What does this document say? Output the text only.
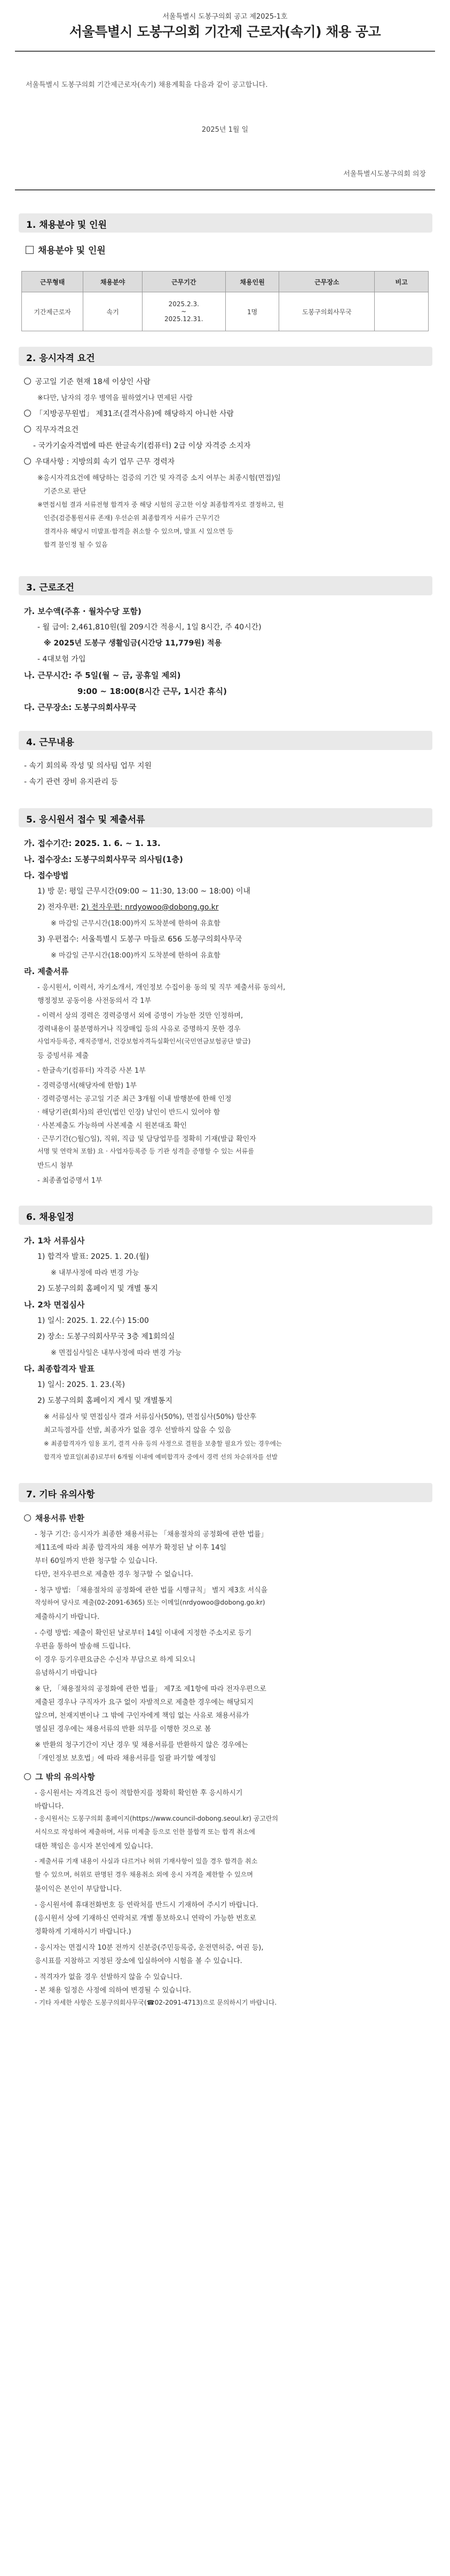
서울특별시 도봉구의회 공고 제2025-1호
서울특별시 도봉구의회 기간제 근로자(속기) 채용 공고
서울특별시 도봉구의회 기간제근로자(속기) 채용계획을 다음과 같이 공고합니다.
2025년 1월 일
서울특별시도봉구의회 의장
1. 채용분야 및 인원
채용분야 및 인원
근무형태	채용분야	근무기간	채용인원	근무장소	비고
기간제근로자	속기	2025.2.3.
~
2025.12.31.	1명	도봉구의회사무국	
2. 응시자격 요건
공고일 기준 현재 18세 이상인 사람
※다만, 남자의 경우 병역을 필하였거나 면제된 사람
「지방공무원법」 제31조(결격사유)에 해당하지 아니한 사람
직무자격요건
- 국가기술자격법에 따른 한글속기(컴퓨터) 2급 이상 자격증 소지자
우대사항 : 지방의회 속기 업무 근무 경력자
※응시자격요건에 해당하는 검증의 기간 및 자격증 소지 여부는 최종시험(면접)일
기준으로 판단
※면접시험 결과 서류전형 합격자 중 해당 시험의 공고한 이상 최종합격자로 결정하고, 원
인증(검증통원서류 존재) 우선순위 최종합격자 서류가 근무기간
결격사유 해당시 미발표·합격을 취소할 수 있으며, 발표 시 있으면 등
합격 불인정 될 수 있음
3. 근로조건
가. 보수액(주휴 · 월차수당 포함)
- 월 급여: 2,461,810원(월 209시간 적용시, 1일 8시간, 주 40시간)
※ 2025년 도봉구 생활임금(시간당 11,779원) 적용
- 4대보험 가입
나. 근무시간: 주 5일(월 ~ 금, 공휴일 제외)
9:00 ~ 18:00(8시간 근무, 1시간 휴식)
다. 근무장소: 도봉구의회사무국
4. 근무내용
- 속기 회의록 작성 및 의사팀 업무 지원
- 속기 관련 장비 유지관리 등
5. 응시원서 접수 및 제출서류
가. 접수기간: 2025. 1. 6. ~ 1. 13.
나. 접수장소: 도봉구의회사무국 의사팀(1층)
다. 접수방법
1) 방 문: 평일 근무시간(09:00 ~ 11:30, 13:00 ~ 18:00) 이내
2) 전자우편: 2) 전자우편: nrdyowoo@dobong.go.kr
※ 마감일 근무시간(18:00)까지 도착분에 한하여 유효함
3) 우편접수: 서울특별시 도봉구 마들로 656 도봉구의회사무국
※ 마감일 근무시간(18:00)까지 도착분에 한하여 유효함
라. 제출서류
- 응시원서, 이력서, 자기소개서, 개인정보 수집이용 동의 및 직무 제출서류 동의서,
행정정보 공동이용 사전동의서 각 1부
- 이력서 상의 경력은 경력증명서 외에 증명이 가능한 것만 인정하며,
경력내용이 불분명하거나 직장매입 등의 사유로 증명하지 못한 경우
사업자등록증, 재직증명서, 건강보험자격득실확인서(국민연금보험공단 발급)
등 증빙서류 제출
- 한글속기(컴퓨터) 자격증 사본 1부
- 경력증명서(해당자에 한함) 1부
· 경력증명서는 공고일 기준 최근 3개월 이내 발행분에 한해 인정
· 해당기관(회사)의 관인(법인 인장) 날인이 반드시 있어야 함
· 사본제출도 가능하며 사본제출 시 원본대조 확인
· 근무기간(○월○일), 직위, 직급 및 담당업무를 정확히 기재(발급 확인자
서명 및 연락처 포함) 요 · 사업자등록증 등 기관 성격을 증명할 수 있는 서류를
반드시 첨부
- 최종졸업증명서 1부
6. 채용일정
가. 1차 서류심사
1) 합격자 발표: 2025. 1. 20.(월)
※ 내부사정에 따라 변경 가능
2) 도봉구의회 홈페이지 및 개별 통지
나. 2차 면접심사
1) 일시: 2025. 1. 22.(수) 15:00
2) 장소: 도봉구의회사무국 3층 제1회의실
※ 면접심사일은 내부사정에 따라 변경 가능
다. 최종합격자 발표
1) 일시: 2025. 1. 23.(목)
2) 도봉구의회 홈페이지 게시 및 개별통지
※ 서류심사 및 면접심사 결과 서류심사(50%), 면접심사(50%) 합산후
최고득점자를 선발, 최종자가 없을 경우 선발하지 않을 수 있음
※ 최종합격자가 임용 포기, 결격 사유 등의 사정으로 결원을 보충할 필요가 있는 경우에는
합격자 발표일(최종)로부터 6개월 이내에 예비합격자 중에서 경력 선의 차순위자를 선발
7. 기타 유의사항
채용서류 반환
- 청구 기간: 응시자가 최종한 채용서류는 「채용절차의 공정화에 관한 법률」
제11조에 따라 최종 합격자의 채용 여부가 확정된 날 이후 14일
부터 60일까지 반환 청구할 수 있습니다.
다만, 전자우편으로 제출한 경우 청구할 수 없습니다.
- 청구 방법: 「채용절차의 공정화에 관한 법률 시행규칙」 별지 제3호 서식을
작성하여 당사로 제출(02-2091-6365) 또는 이메일(nrdyowoo@dobong.go.kr)
제출하시기 바랍니다.
- 수령 방법: 제출이 확인된 날로부터 14일 이내에 지정한 주소지로 등기
우편을 통하여 발송해 드립니다.
이 경우 등기우편요금은 수신자 부담으로 하게 되오니
유념하시기 바랍니다
※ 단, 「채용절차의 공정화에 관한 법률」 제7조 제1항에 따라 전자우편으로
제출된 경우나 구직자가 요구 없이 자발적으로 제출한 경우에는 해당되지
않으며, 천재지변이나 그 밖에 구인자에게 책임 없는 사유로 채용서류가
멸실된 경우에는 채용서류의 반환 의무를 이행한 것으로 봄
※ 반환의 청구기간이 지난 경우 및 채용서류를 반환하지 않은 경우에는
「개인정보 보호법」에 따라 채용서류를 일괄 파기할 예정임
그 밖의 유의사항
- 응시원서는 자격요건 등이 적합한지를 정확히 확인한 후 응시하시기
바랍니다.
- 응시원서는 도봉구의회 홈페이지(https://www.council-dobong.seoul.kr) 공고란의
서식으로 작성하여 제출하며, 서류 미제출 등으로 인한 불합격 또는 합격 취소에
대한 책임은 응시자 본인에게 있습니다.
- 제출서류 기재 내용이 사실과 다르거나 허위 기재사항이 있을 경우 합격을 취소
할 수 있으며, 허위로 판명된 경우 채용취소 외에 응시 자격을 제한할 수 있으며
불이익은 본인이 부담합니다.
- 응시원서에 휴대전화번호 등 연락처를 반드시 기재하여 주시기 바랍니다.
(응시원서 상에 기재하신 연락처로 개별 통보하오니 연락이 가능한 번호로
정확하게 기재하시기 바랍니다.)
- 응시자는 면접시작 10분 전까지 신분증(주민등록증, 운전면허증, 여권 등),
응시표를 지참하고 지정된 장소에 입실하여야 시험을 볼 수 있습니다.
- 적격자가 없을 경우 선발하지 않을 수 있습니다.
- 본 채용 일정은 사정에 의하여 변경될 수 있습니다.
- 기타 자세한 사항은 도봉구의회사무국(☎02-2091-4713)으로 문의하시기 바랍니다.
